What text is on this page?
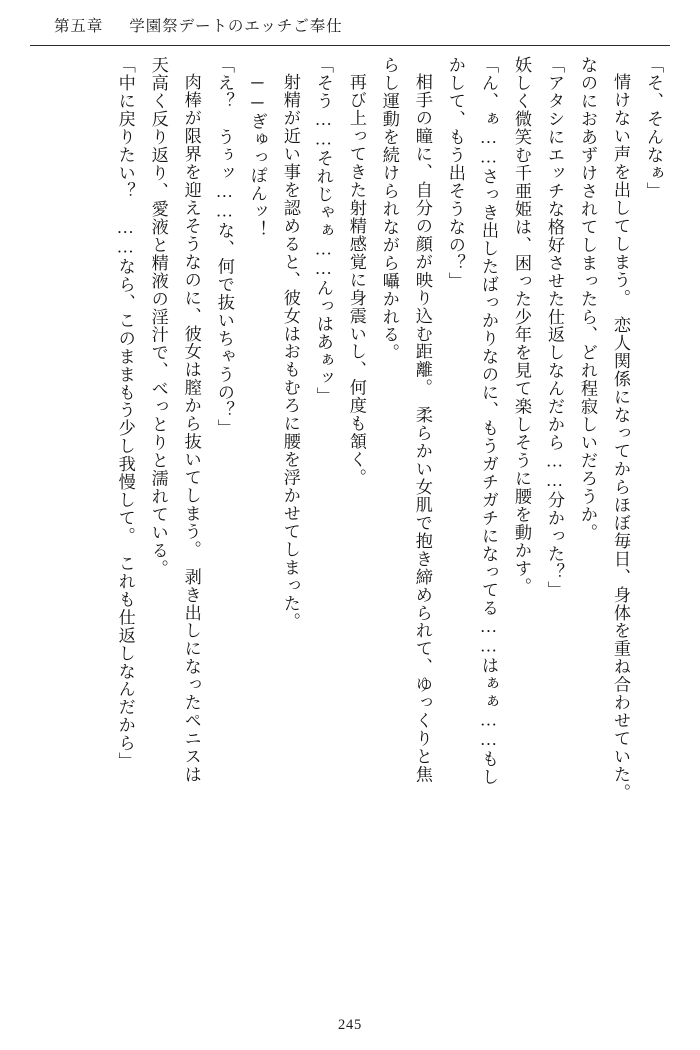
第五章 学園祭デートのエッチご奉仕

「そ、そんなぁ」

情けない声を出してしまう。　恋人関係になってからほぼ毎日、身体を重ね合わせていた。

なのにおあずけされてしまったら、どれ程寂しいだろうか。

「アタシにエッチな格好させた仕返しなんだから……分かった？」

妖しく微笑む千亜姫は、困った少年を見て楽しそうに腰を動かす。

「ん、ぁ……さっき出したばっかりなのに、もうガチガチになってる……はぁぁ……もし

かして、もう出そうなの？」

相手の瞳に、自分の顔が映り込む距離。　柔らかい女肌で抱き締められて、ゆっくりと焦

らし運動を続けられながら囁かれる。

再び上ってきた射精感覚に身震いし、何度も頷く。

「そう……それじゃぁ……んっはあぁッ」

射精が近い事を認めると、彼女はおもむろに腰を浮かせてしまった。

──ぎゅっぽんッ！

「え？　うぅッ……な、何で抜いちゃうの？」

肉棒が限界を迎えそうなのに、彼女は膣から抜いてしまう。　剥き出しになったペニスは

天高く反り返り、愛液と精液の淫汁で、べっとりと濡れている。

「中に戻りたい？　……なら、このままもう少し我慢して。　これも仕返しなんだから」

245
